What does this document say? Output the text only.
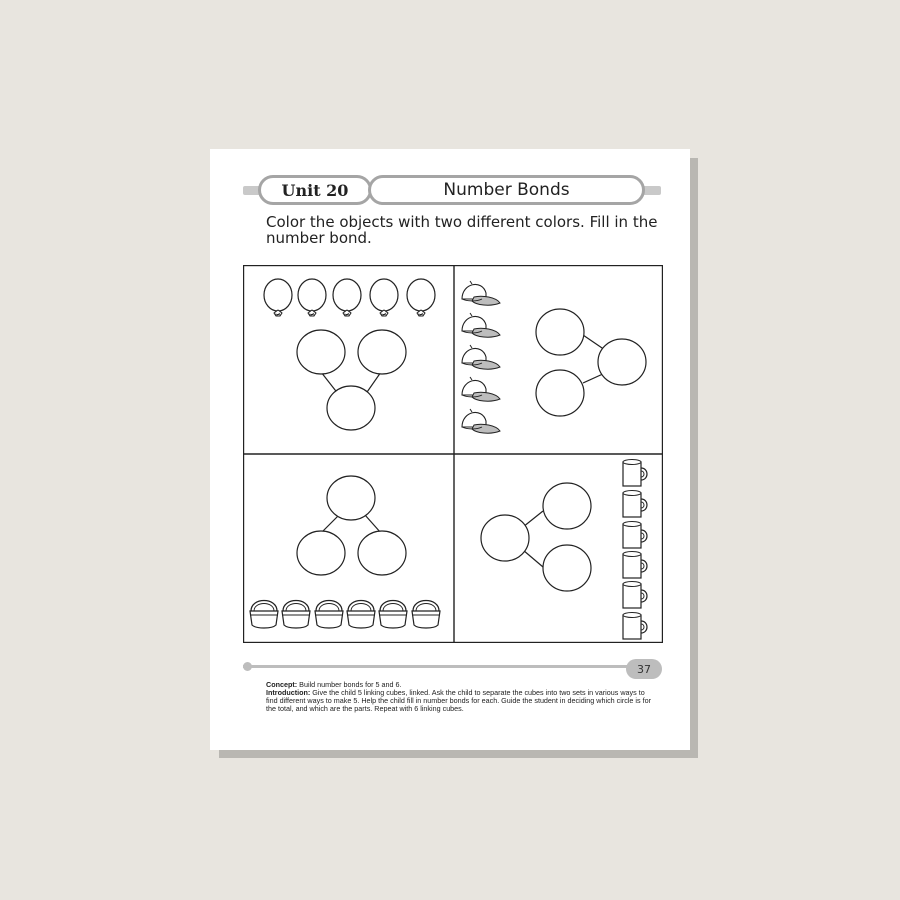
Unit 20	Number Bonds

Color the objects with two different colors. Fill in the number bond.

37

Concept: Build number bonds for 5 and 6.

Introduction: Give the child 5 linking cubes, linked. Ask the child to separate the cubes into two sets in various ways to find different ways to make 5. Help the child fill in number bonds for each. Guide the student in deciding which circle is for the total, and which are the parts. Repeat with 6 linking cubes.
